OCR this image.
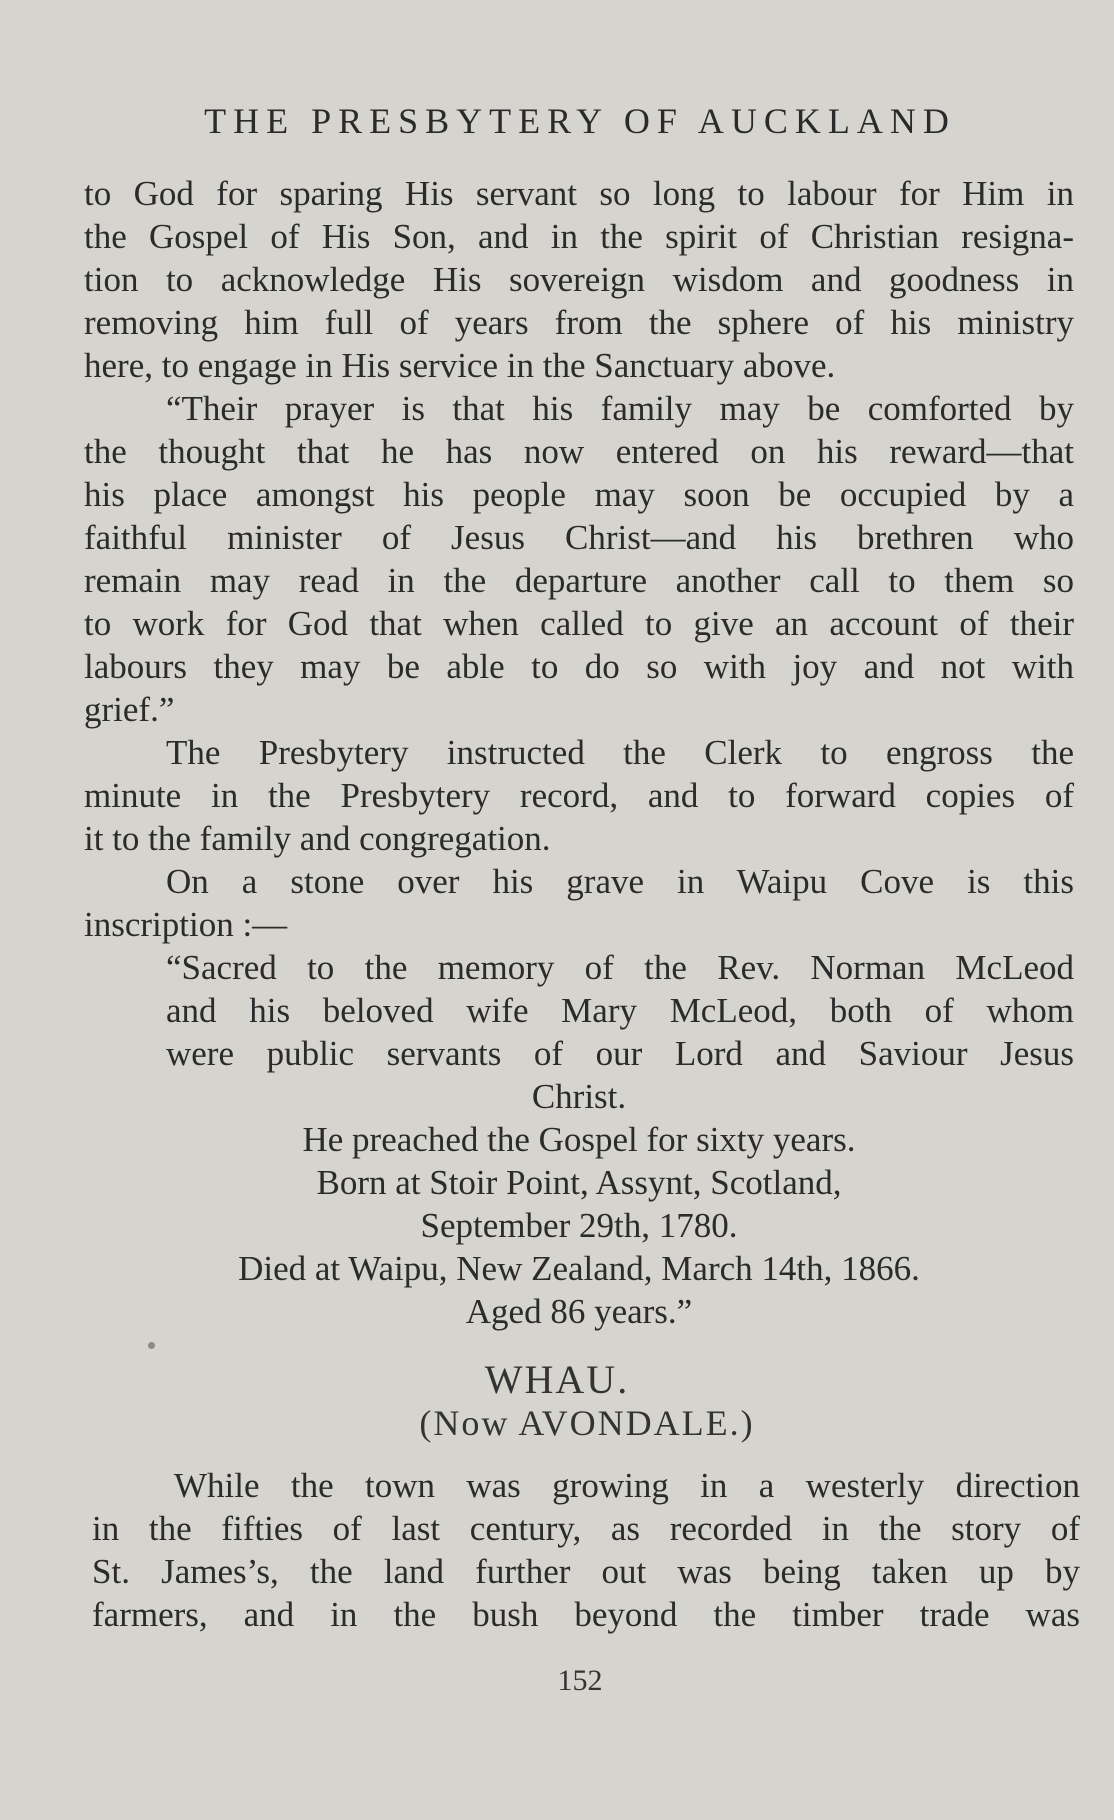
THE PRESBYTERY OF AUCKLAND
to God for sparing His servant so long to labour for Him in
the Gospel of His Son, and in the spirit of Christian resigna-
tion to acknowledge His sovereign wisdom and goodness in
removing him full of years from the sphere of his ministry
here, to engage in His service in the Sanctuary above.
“Their prayer is that his family may be comforted by
the thought that he has now entered on his reward—that
his place amongst his people may soon be occupied by a
faithful minister of Jesus Christ—and his brethren who
remain may read in the departure another call to them so
to work for God that when called to give an account of their
labours they may be able to do so with joy and not with
grief.”
The Presbytery instructed the Clerk to engross the
minute in the Presbytery record, and to forward copies of
it to the family and congregation.
On a stone over his grave in Waipu Cove is this
inscription :—
“Sacred to the memory of the Rev. Norman McLeod
and his beloved wife Mary McLeod, both of whom
were public servants of our Lord and Saviour Jesus
Christ.
He preached the Gospel for sixty years.
Born at Stoir Point, Assynt, Scotland,
September 29th, 1780.
Died at Waipu, New Zealand, March 14th, 1866.
Aged 86 years.”
WHAU.
(Now AVONDALE.)
While the town was growing in a westerly direction
in the fifties of last century, as recorded in the story of
St. James’s, the land further out was being taken up by
farmers, and in the bush beyond the timber trade was
152
